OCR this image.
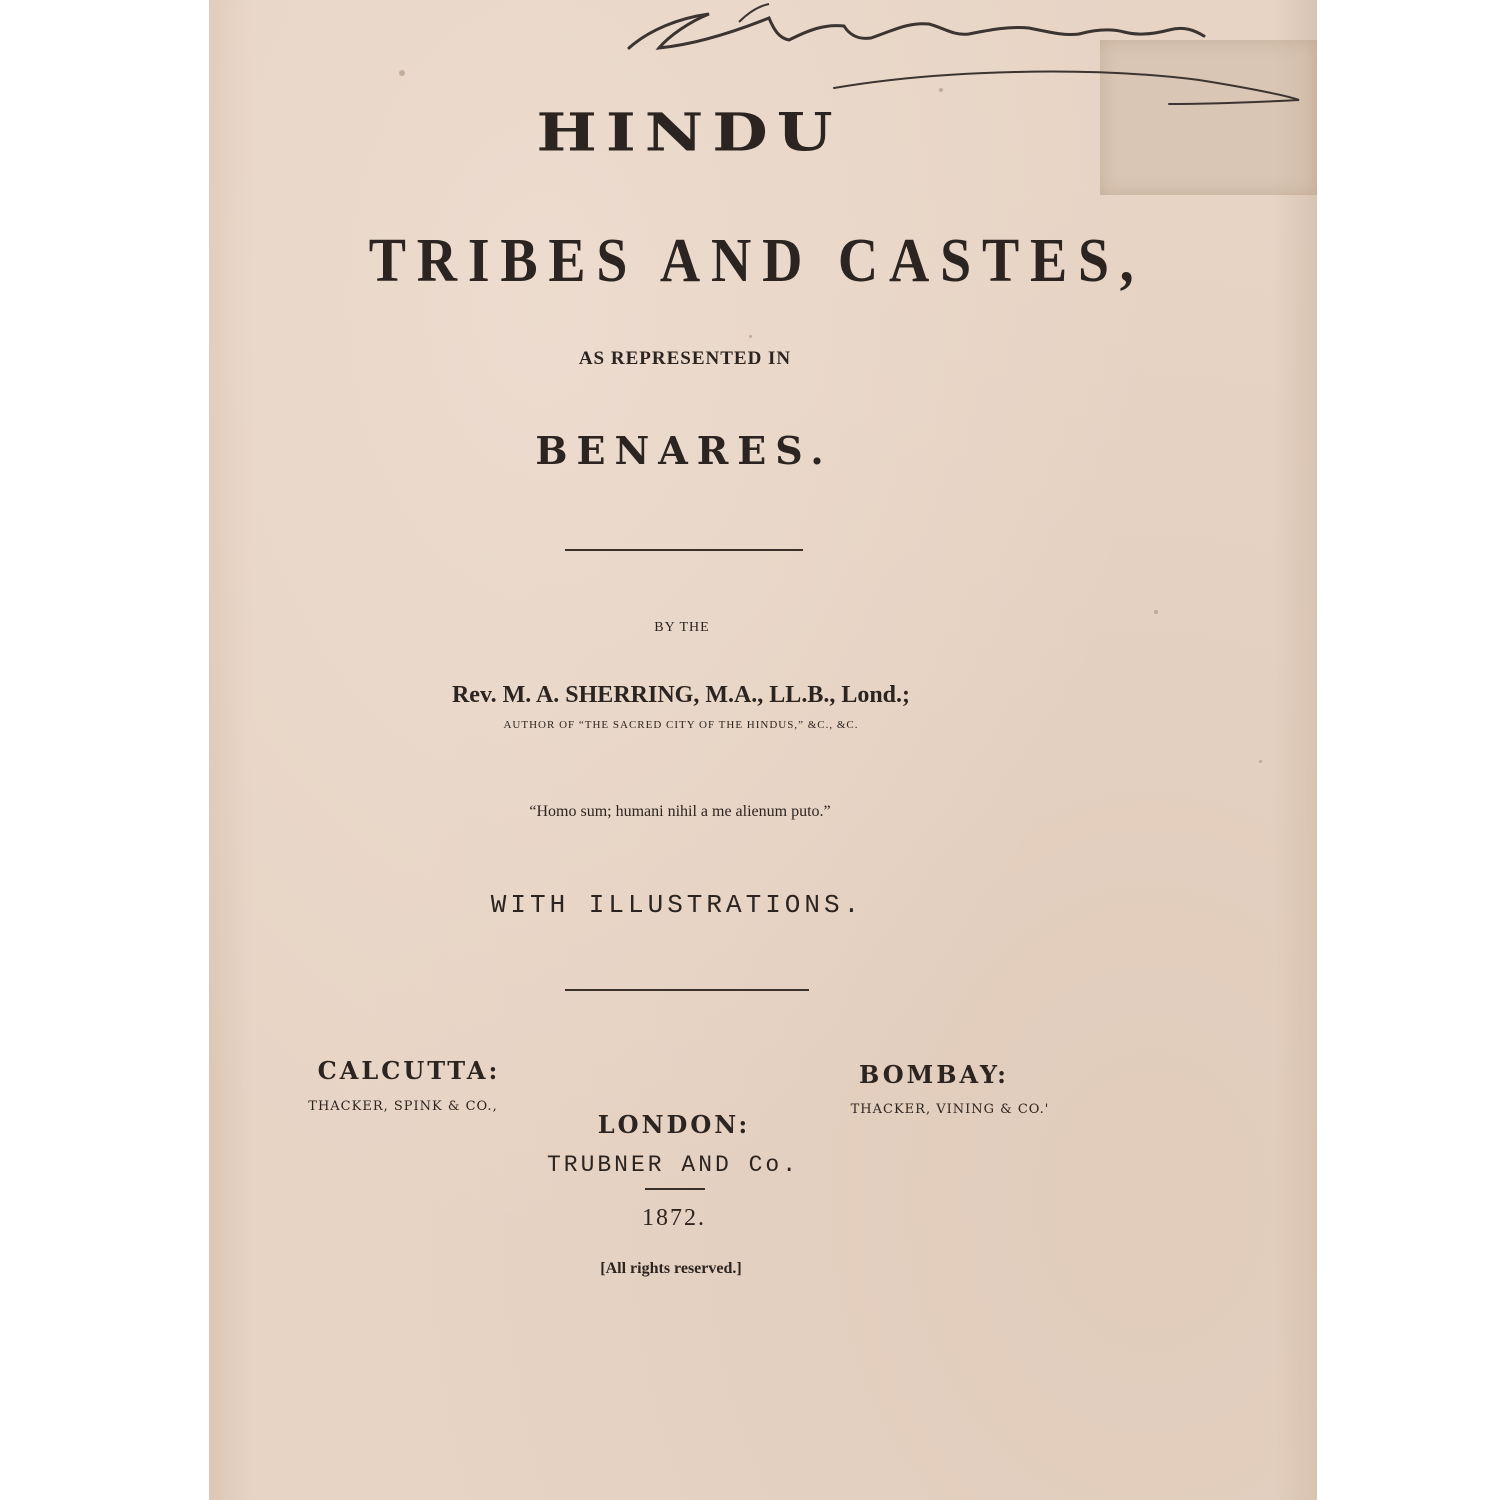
HINDU
TRIBES AND CASTES,
AS REPRESENTED IN
BENARES.
BY THE
Rev. M. A. SHERRING, M.A., LL.B., Lond.;
AUTHOR OF “THE SACRED CITY OF THE HINDUS,” &C., &C.
“Homo sum; humani nihil a me alienum puto.”
WITH ILLUSTRATIONS.
CALCUTTA:
THACKER, SPINK & CO.,
BOMBAY:
THACKER, VINING & CO.'
LONDON:
TRUBNER AND Co.
1872.
[All rights reserved.]
